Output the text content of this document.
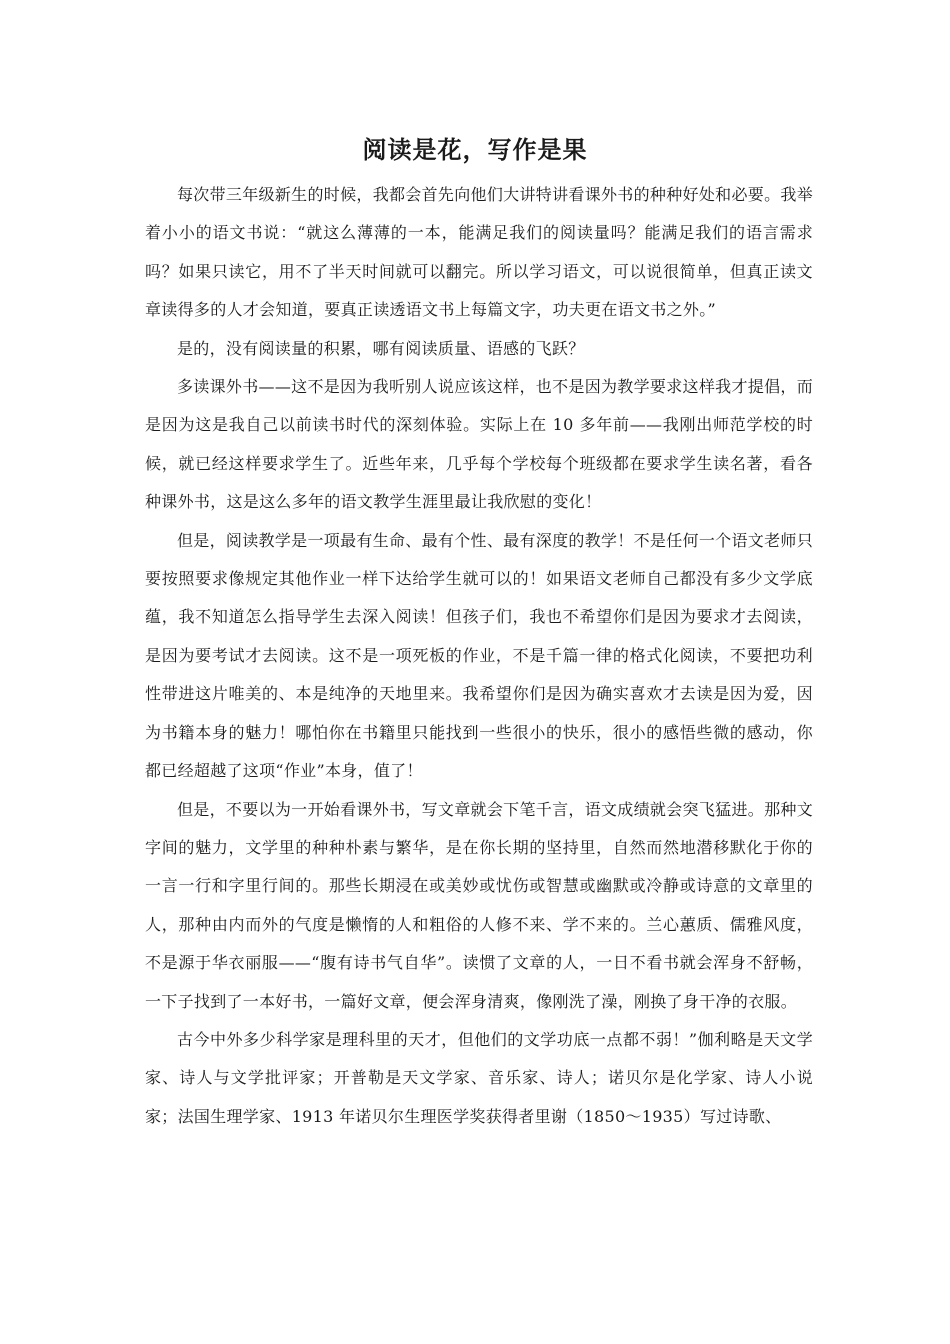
阅读是花，写作是果

每次带三年级新生的时候，我都会首先向他们大讲特讲看课外书的种种好处和必要。我举着小小的语文书说：“就这么薄薄的一本，能满足我们的阅读量吗？能满足我们的语言需求吗？如果只读它，用不了半天时间就可以翻完。所以学习语文，可以说很简单，但真正读文章读得多的人才会知道，要真正读透语文书上每篇文字，功夫更在语文书之外。”

是的，没有阅读量的积累，哪有阅读质量、语感的飞跃？

多读课外书——这不是因为我听别人说应该这样，也不是因为教学要求这样我才提倡，而是因为这是我自己以前读书时代的深刻体验。实际上在 10 多年前——我刚出师范学校的时候，就已经这样要求学生了。近些年来，几乎每个学校每个班级都在要求学生读名著，看各种课外书，这是这么多年的语文教学生涯里最让我欣慰的变化！

但是，阅读教学是一项最有生命、最有个性、最有深度的教学！不是任何一个语文老师只要按照要求像规定其他作业一样下达给学生就可以的！如果语文老师自己都没有多少文学底蕴，我不知道怎么指导学生去深入阅读！但孩子们，我也不希望你们是因为要求才去阅读，是因为要考试才去阅读。这不是一项死板的作业，不是千篇一律的格式化阅读，不要把功利性带进这片唯美的、本是纯净的天地里来。我希望你们是因为确实喜欢才去读是因为爱，因为书籍本身的魅力！哪怕你在书籍里只能找到一些很小的快乐，很小的感悟些微的感动，你都已经超越了这项“作业”本身，值了！

但是，不要以为一开始看课外书，写文章就会下笔千言，语文成绩就会突飞猛进。那种文字间的魅力，文学里的种种朴素与繁华，是在你长期的坚持里，自然而然地潜移默化于你的一言一行和字里行间的。那些长期浸在或美妙或忧伤或智慧或幽默或冷静或诗意的文章里的人，那种由内而外的气度是懒惰的人和粗俗的人修不来、学不来的。兰心蕙质、儒雅风度，不是源于华衣丽服——“腹有诗书气自华”。读惯了文章的人，一日不看书就会浑身不舒畅，一下子找到了一本好书，一篇好文章，便会浑身清爽，像刚洗了澡，刚换了身干净的衣服。

古今中外多少科学家是理科里的天才，但他们的文学功底一点都不弱！”伽利略是天文学家、诗人与文学批评家；开普勒是天文学家、音乐家、诗人；诺贝尔是化学家、诗人小说家；法国生理学家、1913 年诺贝尔生理医学奖获得者里谢（1850～1935）写过诗歌、
